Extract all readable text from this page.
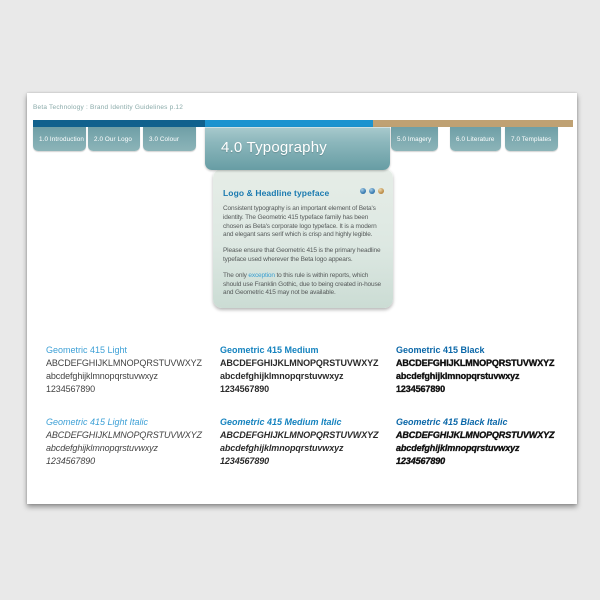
Beta Technology : Brand Identity Guidelines p.12
1.0 Introduction 2.0 Our Logo	3.0 Colour	4.0 Typography	5.0 Imagery	6.0 Literature	7.0 Templates
Logo & Headline typeface

Consistent typography is an important element of Beta's identity. The Geometric 415 typeface family has been chosen as Beta's corporate logo typeface. It is a modern and elegant sans serif which is crisp and highly legible.

Please ensure that Geometric 415 is the primary headline typeface used wherever the Beta logo appears.

The only exception to this rule is within reports, which should use Franklin Gothic, due to being created in-house and Geometric 415 may not be available.

Geometric 415 Light
ABCDEFGHIJKLMNOPQRSTUVWXYZ
abcdefghijklmnopqrstuvwxyz
1234567890
Geometric 415 Medium
ABCDEFGHIJKLMNOPQRSTUVWXYZ
abcdefghijklmnopqrstuvwxyz
1234567890
Geometric 415 Black
ABCDEFGHIJKLMNOPQRSTUVWXYZ
abcdefghijklmnopqrstuvwxyz
1234567890
Geometric 415 Light Italic
ABCDEFGHIJKLMNOPQRSTUVWXYZ
abcdefghijklmnopqrstuvwxyz
1234567890
Geometric 415 Medium Italic
ABCDEFGHIJKLMNOPQRSTUVWXYZ
abcdefghijklmnopqrstuvwxyz
1234567890
Geometric 415 Black Italic
ABCDEFGHIJKLMNOPQRSTUVWXYZ
abcdefghijklmnopqrstuvwxyz
1234567890
